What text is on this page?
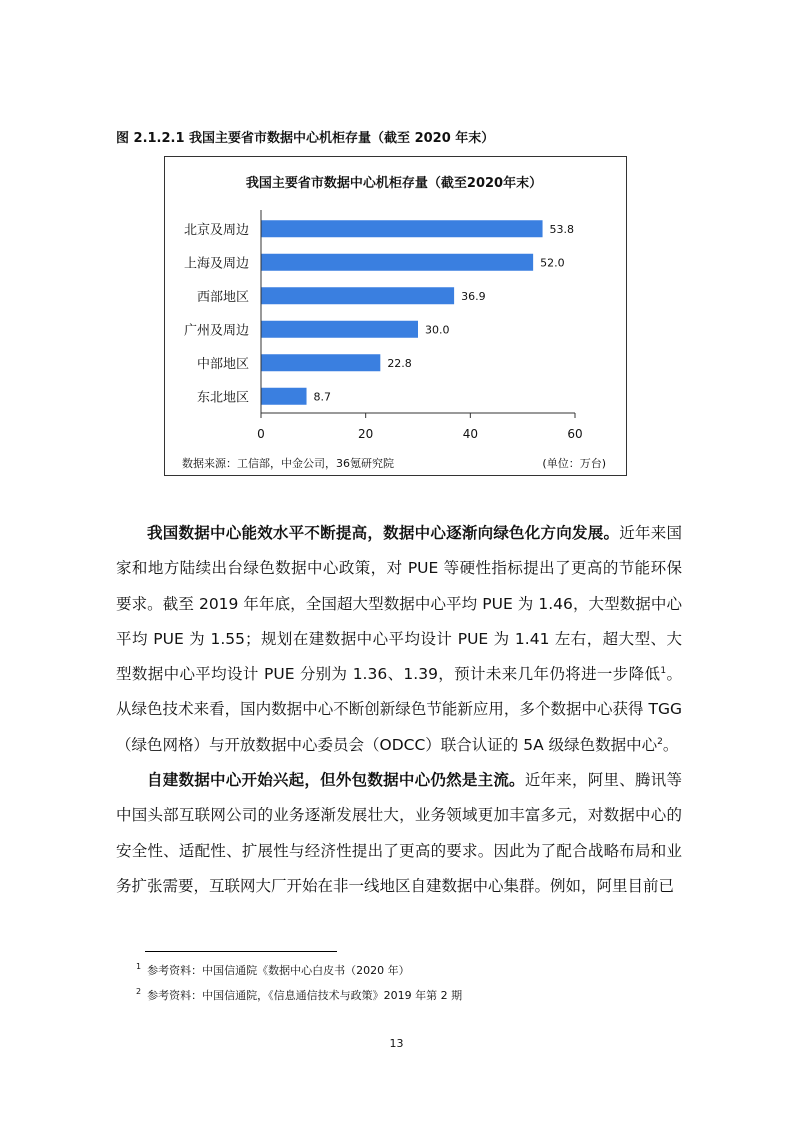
图 2.1.2.1 我国主要省市数据中心机柜存量（截至 2020 年末）
我国主要省市数据中心机柜存量（截至2020年末）
北京及周边	53.8
上海及周边	52.0
西部地区	36.9
广州及周边	30.0
中部地区	22.8
东北地区	8.7
0	20	40	60
数据来源：工信部，中金公司，36氪研究院	(单位：万台)

我国数据中心能效水平不断提高，数据中心逐渐向绿色化方向发展。近年来国家和地方陆续出台绿色数据中心政策，对 PUE 等硬性指标提出了更高的节能环保要求。截至 2019 年年底，全国超大型数据中心平均 PUE 为 1.46，大型数据中心平均 PUE 为 1.55；规划在建数据中心平均设计 PUE 为 1.41 左右，超大型、大型数据中心平均设计 PUE 分别为 1.36、1.39，预计未来几年仍将进一步降低$^1$。从绿色技术来看，国内数据中心不断创新绿色节能新应用，多个数据中心获得 TGG（绿色网格）与开放数据中心委员会（ODCC）联合认证的 5A 级绿色数据中心$^2$。

自建数据中心开始兴起，但外包数据中心仍然是主流。近年来，阿里、腾讯等中国头部互联网公司的业务逐渐发展壮大，业务领域更加丰富多元，对数据中心的安全性、适配性、扩展性与经济性提出了更高的要求。因此为了配合战略布局和业务扩张需要，互联网大厂开始在非一线地区自建数据中心集群。例如，阿里目前已

$^1$ 参考资料：中国信通院《数据中心白皮书（2020 年）
$^2$ 参考资料：中国信通院，《信息通信技术与政策》2019 年第 2 期
13
